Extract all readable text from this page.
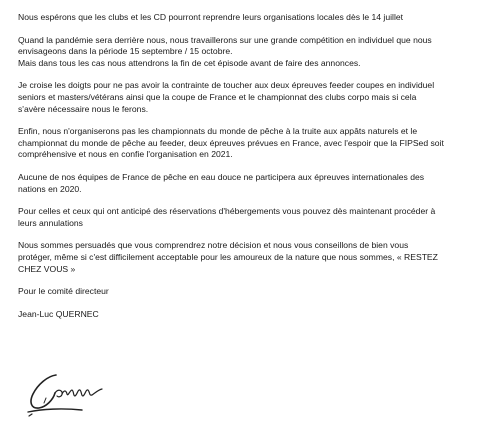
Nous espérons que les clubs et les CD pourront reprendre leurs organisations locales dès le 14 juillet

Quand la pandémie sera derrière nous, nous travaillerons sur une grande compétition en individuel que nous
envisageons dans la période 15 septembre / 15 octobre.
Mais dans tous les cas nous attendrons la fin de cet épisode avant de faire des annonces.

Je croise les doigts pour ne pas avoir la contrainte de toucher aux deux épreuves feeder coupes en individuel
seniors et masters/vétérans ainsi que la coupe de France et le championnat des clubs corpo mais si cela
s'avère nécessaire nous le ferons.

Enfin, nous n'organiserons pas les championnats du monde de pêche à la truite aux appâts naturels et le
championnat du monde de pêche au feeder, deux épreuves prévues en France, avec l'espoir que la FIPSed soit
compréhensive et nous en confie l'organisation en 2021.

Aucune de nos équipes de France de pêche en eau douce ne participera aux épreuves internationales des
nations en 2020.

Pour celles et ceux qui ont anticipé des réservations d'hébergements vous pouvez dès maintenant procéder à
leurs annulations

Nous sommes persuadés que vous comprendrez notre décision et nous vous conseillons de bien vous
protéger, même si c'est difficilement acceptable pour les amoureux de la nature que nous sommes, « RESTEZ
CHEZ VOUS »

Pour le comité directeur

Jean-Luc QUERNEC
